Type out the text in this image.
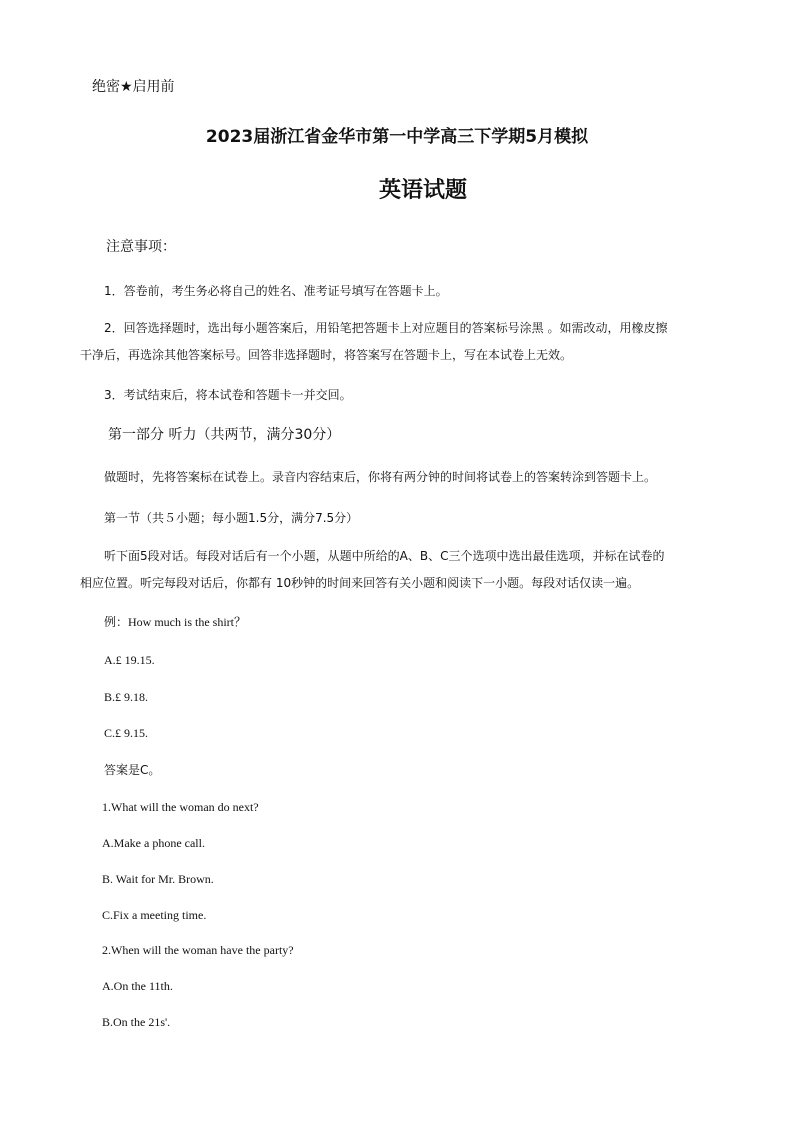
绝密★启用前
2023届浙江省金华市第一中学高三下学期5月模拟
英语试题
注意事项：
1．答卷前，考生务必将自己的姓名、准考证号填写在答题卡上。
2．回答选择题时，选出每小题答案后，用铅笔把答题卡上对应题目的答案标号涂黑 。如需改动，用橡皮擦
干净后，再选涂其他答案标号。回答非选择题时，将答案写在答题卡上，写在本试卷上无效。
3．考试结束后，将本试卷和答题卡一并交回。
第一部分 听力（共两节，满分30分）
做题时，先将答案标在试卷上。录音内容结束后，你将有两分钟的时间将试卷上的答案转涂到答题卡上。
第一节（共５小题；每小题1.5分，满分7.5分）
听下面5段对话。每段对话后有一个小题，从题中所给的A、B、C三个选项中选出最佳选项，并标在试卷的
相应位置。听完每段对话后，你都有 10秒钟的时间来回答有关小题和阅读下一小题。每段对话仅读一遍。
例：How much is the shirt？
A.£ 19.15.
B.£ 9.18.
C.£ 9.15.
答案是C。
1.What will the woman do next?
A.Make a phone call.
B. Wait for Mr. Brown.
C.Fix a meeting time.
2.When will the woman have the party?
A.On the 11th.
B.On the 21s'.
